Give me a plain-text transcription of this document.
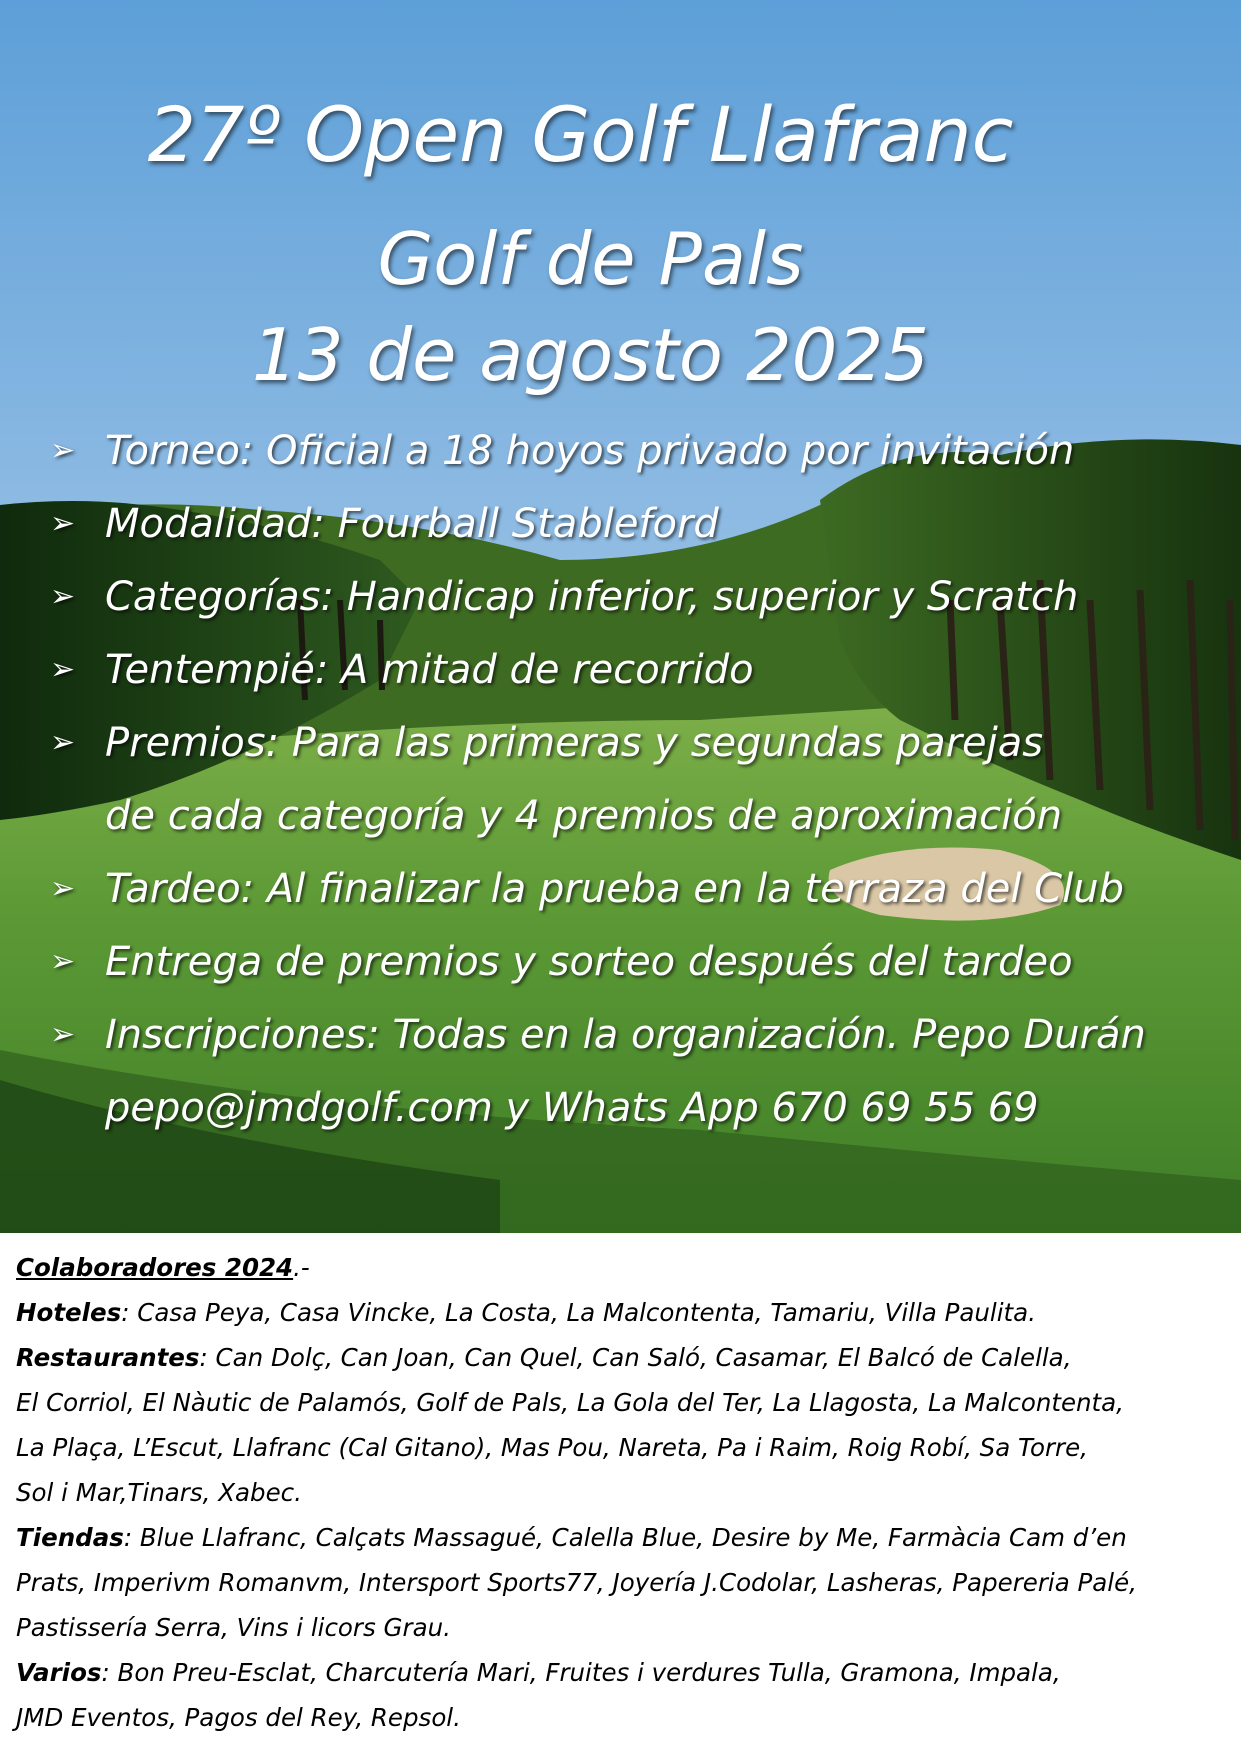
27º Open Golf Llafranc
Golf de Pals
13 de agosto 2025
➢ Torneo: Oficial a 18 hoyos privado por invitación
➢ Modalidad: Fourball Stableford
➢ Categorías: Handicap inferior, superior y Scratch
➢ Tentempié: A mitad de recorrido
➢ Premios: Para las primeras y segundas parejas
de cada categoría y 4 premios de aproximación
➢ Tardeo: Al finalizar la prueba en la terraza del Club
➢ Entrega de premios y sorteo después del tardeo
➢ Inscripciones: Todas en la organización. Pepo Durán
pepo@jmdgolf.com y Whats App 670 69 55 69
Colaboradores 2024.-
Hoteles: Casa Peya, Casa Vincke, La Costa, La Malcontenta, Tamariu, Villa Paulita.
Restaurantes: Can Dolç, Can Joan, Can Quel, Can Saló, Casamar, El Balcó de Calella,
El Corriol, El Nàutic de Palamós, Golf de Pals, La Gola del Ter, La Llagosta, La Malcontenta,
La Plaça, L’Escut, Llafranc (Cal Gitano), Mas Pou, Nareta, Pa i Raim, Roig Robí, Sa Torre,
Sol i Mar,Tinars, Xabec.
Tiendas: Blue Llafranc, Calçats Massagué, Calella Blue, Desire by Me, Farmàcia Cam d’en
Prats, Imperivm Romanvm, Intersport Sports77, Joyería J.Codolar, Lasheras, Papereria Palé,
Pastissería Serra, Vins i licors Grau.
Varios: Bon Preu-Esclat, Charcutería Mari, Fruites i verdures Tulla, Gramona, Impala,
JMD Eventos, Pagos del Rey, Repsol.
